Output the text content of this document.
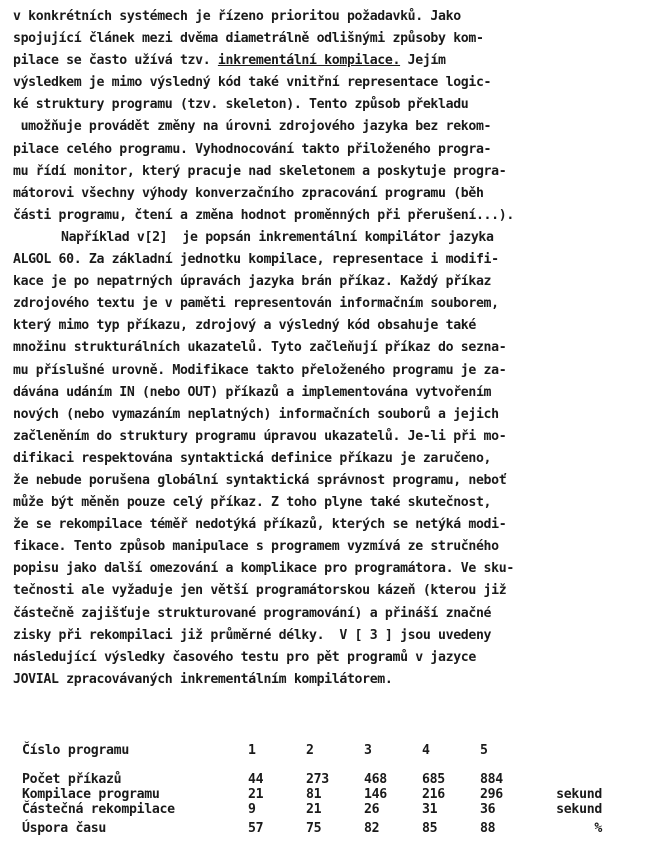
v konkrétních systémech je řízeno prioritou požadavků. Jako
spojující článek mezi dvěma diametrálně odlišnými způsoby kom-
pilace se často užívá tzv. inkrementální kompilace. Jejím
výsledkem je mimo výsledný kód také vnitřní representace logic-
ké struktury programu (tzv. skeleton). Tento způsob překladu
umožňuje provádět změny na úrovni zdrojového jazyka bez rekom-
pilace celého programu. Vyhodnocování takto přiloženého progra-
mu řídí monitor, který pracuje nad skeletonem a poskytuje progra-
mátorovi všechny výhody konverzačního zpracování programu (běh
části programu, čtení a změna hodnot proměnných při přerušení...).
Například v[2]  je popsán inkrementální kompilátor jazyka
ALGOL 60. Za základní jednotku kompilace, representace i modifi-
kace je po nepatrných úpravách jazyka brán příkaz. Každý příkaz
zdrojového textu je v paměti representován informačním souborem,
který mimo typ příkazu, zdrojový a výsledný kód obsahuje také
množinu strukturálních ukazatelů. Tyto začleňují příkaz do sezna-
mu příslušné urovně. Modifikace takto přeloženého programu je za-
dávána udáním IN (nebo OUT) příkazů a implementována vytvořením
nových (nebo vymazáním neplatných) informačních souborů a jejich
začleněním do struktury programu úpravou ukazatelů. Je-li při mo-
difikaci respektována syntaktická definice příkazu je zaručeno,
že nebude porušena globální syntaktická správnost programu, neboť
může být měněn pouze celý příkaz. Z toho plyne také skutečnost,
že se rekompilace téměř nedotýká příkazů, kterých se netýká modi-
fikace. Tento způsob manipulace s programem vyzmívá ze stručného
popisu jako další omezování a komplikace pro programátora. Ve sku-
tečnosti ale vyžaduje jen větší programátorskou kázeň (kterou již
částečně zajišťuje strukturované programování) a přináší značné
zisky při rekompilaci již průměrné délky.  V [ 3 ] jsou uvedeny
následující výsledky časového testu pro pět programů v jazyce
JOVIAL zpracovávaných inkrementálním kompilátorem.
Číslo programu	1	2	3	4	5	

Počet příkazů	44	273	468	685	884	
Kompilace programu	21	81	146	216	296	sekund
Částečná rekompilace	9	21	26	31	36	sekund

Úspora času	57	75	82	85	88	%
